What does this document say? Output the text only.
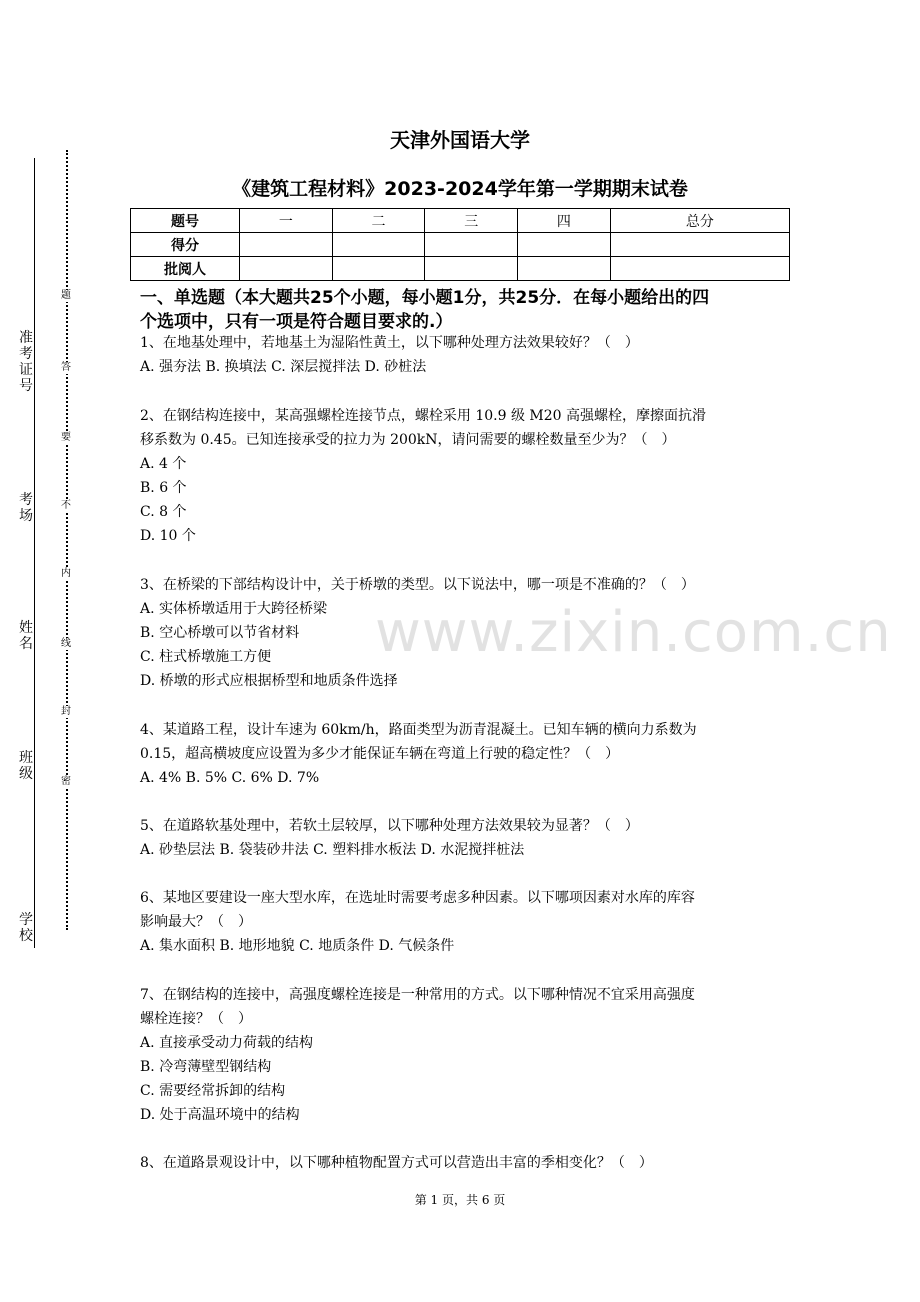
准考证号
考场
姓名
班级
学校
题
答
要
不
内
线
封
密
www.zixin.com.cn
天津外国语大学
《建筑工程材料》2023-2024学年第一学期期末试卷
题号	一	二	三	四	总分
得分					
批阅人					
一、单选题（本大题共25个小题，每小题1分，共25分．在每小题给出的四
个选项中，只有一项是符合题目要求的.）
1、在地基处理中，若地基土为湿陷性黄土，以下哪种处理方法效果较好？（　）
A. 强夯法 B. 换填法 C. 深层搅拌法 D. 砂桩法
2、在钢结构连接中，某高强螺栓连接节点，螺栓采用 10.9 级 M20 高强螺栓，摩擦面抗滑
移系数为 0.45。已知连接承受的拉力为 200kN，请问需要的螺栓数量至少为？（　）
A. 4 个
B. 6 个
C. 8 个
D. 10 个
3、在桥梁的下部结构设计中，关于桥墩的类型。以下说法中，哪一项是不准确的？（　）
A. 实体桥墩适用于大跨径桥梁
B. 空心桥墩可以节省材料
C. 柱式桥墩施工方便
D. 桥墩的形式应根据桥型和地质条件选择
4、某道路工程，设计车速为 60km/h，路面类型为沥青混凝土。已知车辆的横向力系数为
0.15，超高横坡度应设置为多少才能保证车辆在弯道上行驶的稳定性？（　）
A. 4% B. 5% C. 6% D. 7%
5、在道路软基处理中，若软土层较厚，以下哪种处理方法效果较为显著？（　）
A. 砂垫层法 B. 袋装砂井法 C. 塑料排水板法 D. 水泥搅拌桩法
6、某地区要建设一座大型水库，在选址时需要考虑多种因素。以下哪项因素对水库的库容
影响最大？（　）
A. 集水面积 B. 地形地貌 C. 地质条件 D. 气候条件
7、在钢结构的连接中，高强度螺栓连接是一种常用的方式。以下哪种情况不宜采用高强度
螺栓连接？（　）
A. 直接承受动力荷载的结构
B. 冷弯薄壁型钢结构
C. 需要经常拆卸的结构
D. 处于高温环境中的结构
8、在道路景观设计中，以下哪种植物配置方式可以营造出丰富的季相变化？（　）
第 1 页，共 6 页
